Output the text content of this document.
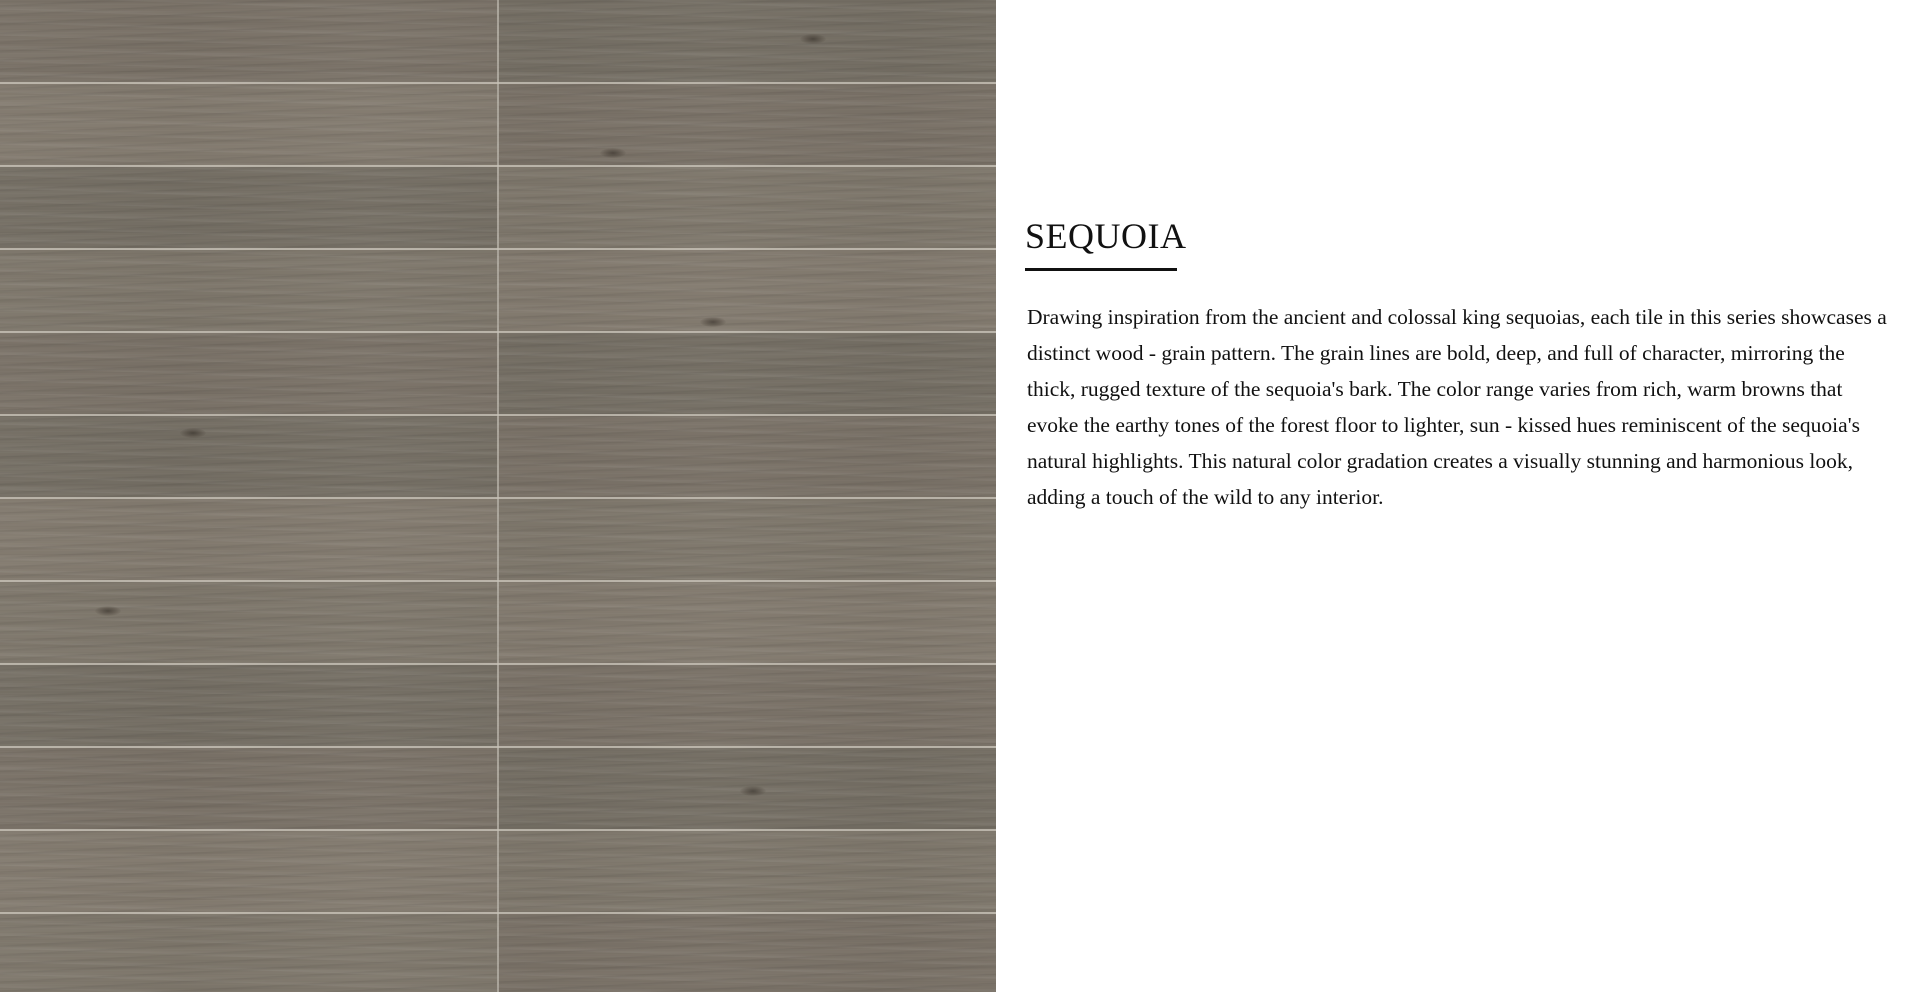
SEQUOIA

Drawing inspiration from the ancient and colossal king sequoias, each tile in this series showcases a distinct wood - grain pattern. The grain lines are bold, deep, and full of character, mirroring the thick, rugged texture of the sequoia's bark. The color range varies from rich, warm browns that evoke the earthy tones of the forest floor to lighter, sun - kissed hues reminiscent of the sequoia's natural highlights. This natural color gradation creates a visually stunning and harmonious look, adding a touch of the wild to any interior.
